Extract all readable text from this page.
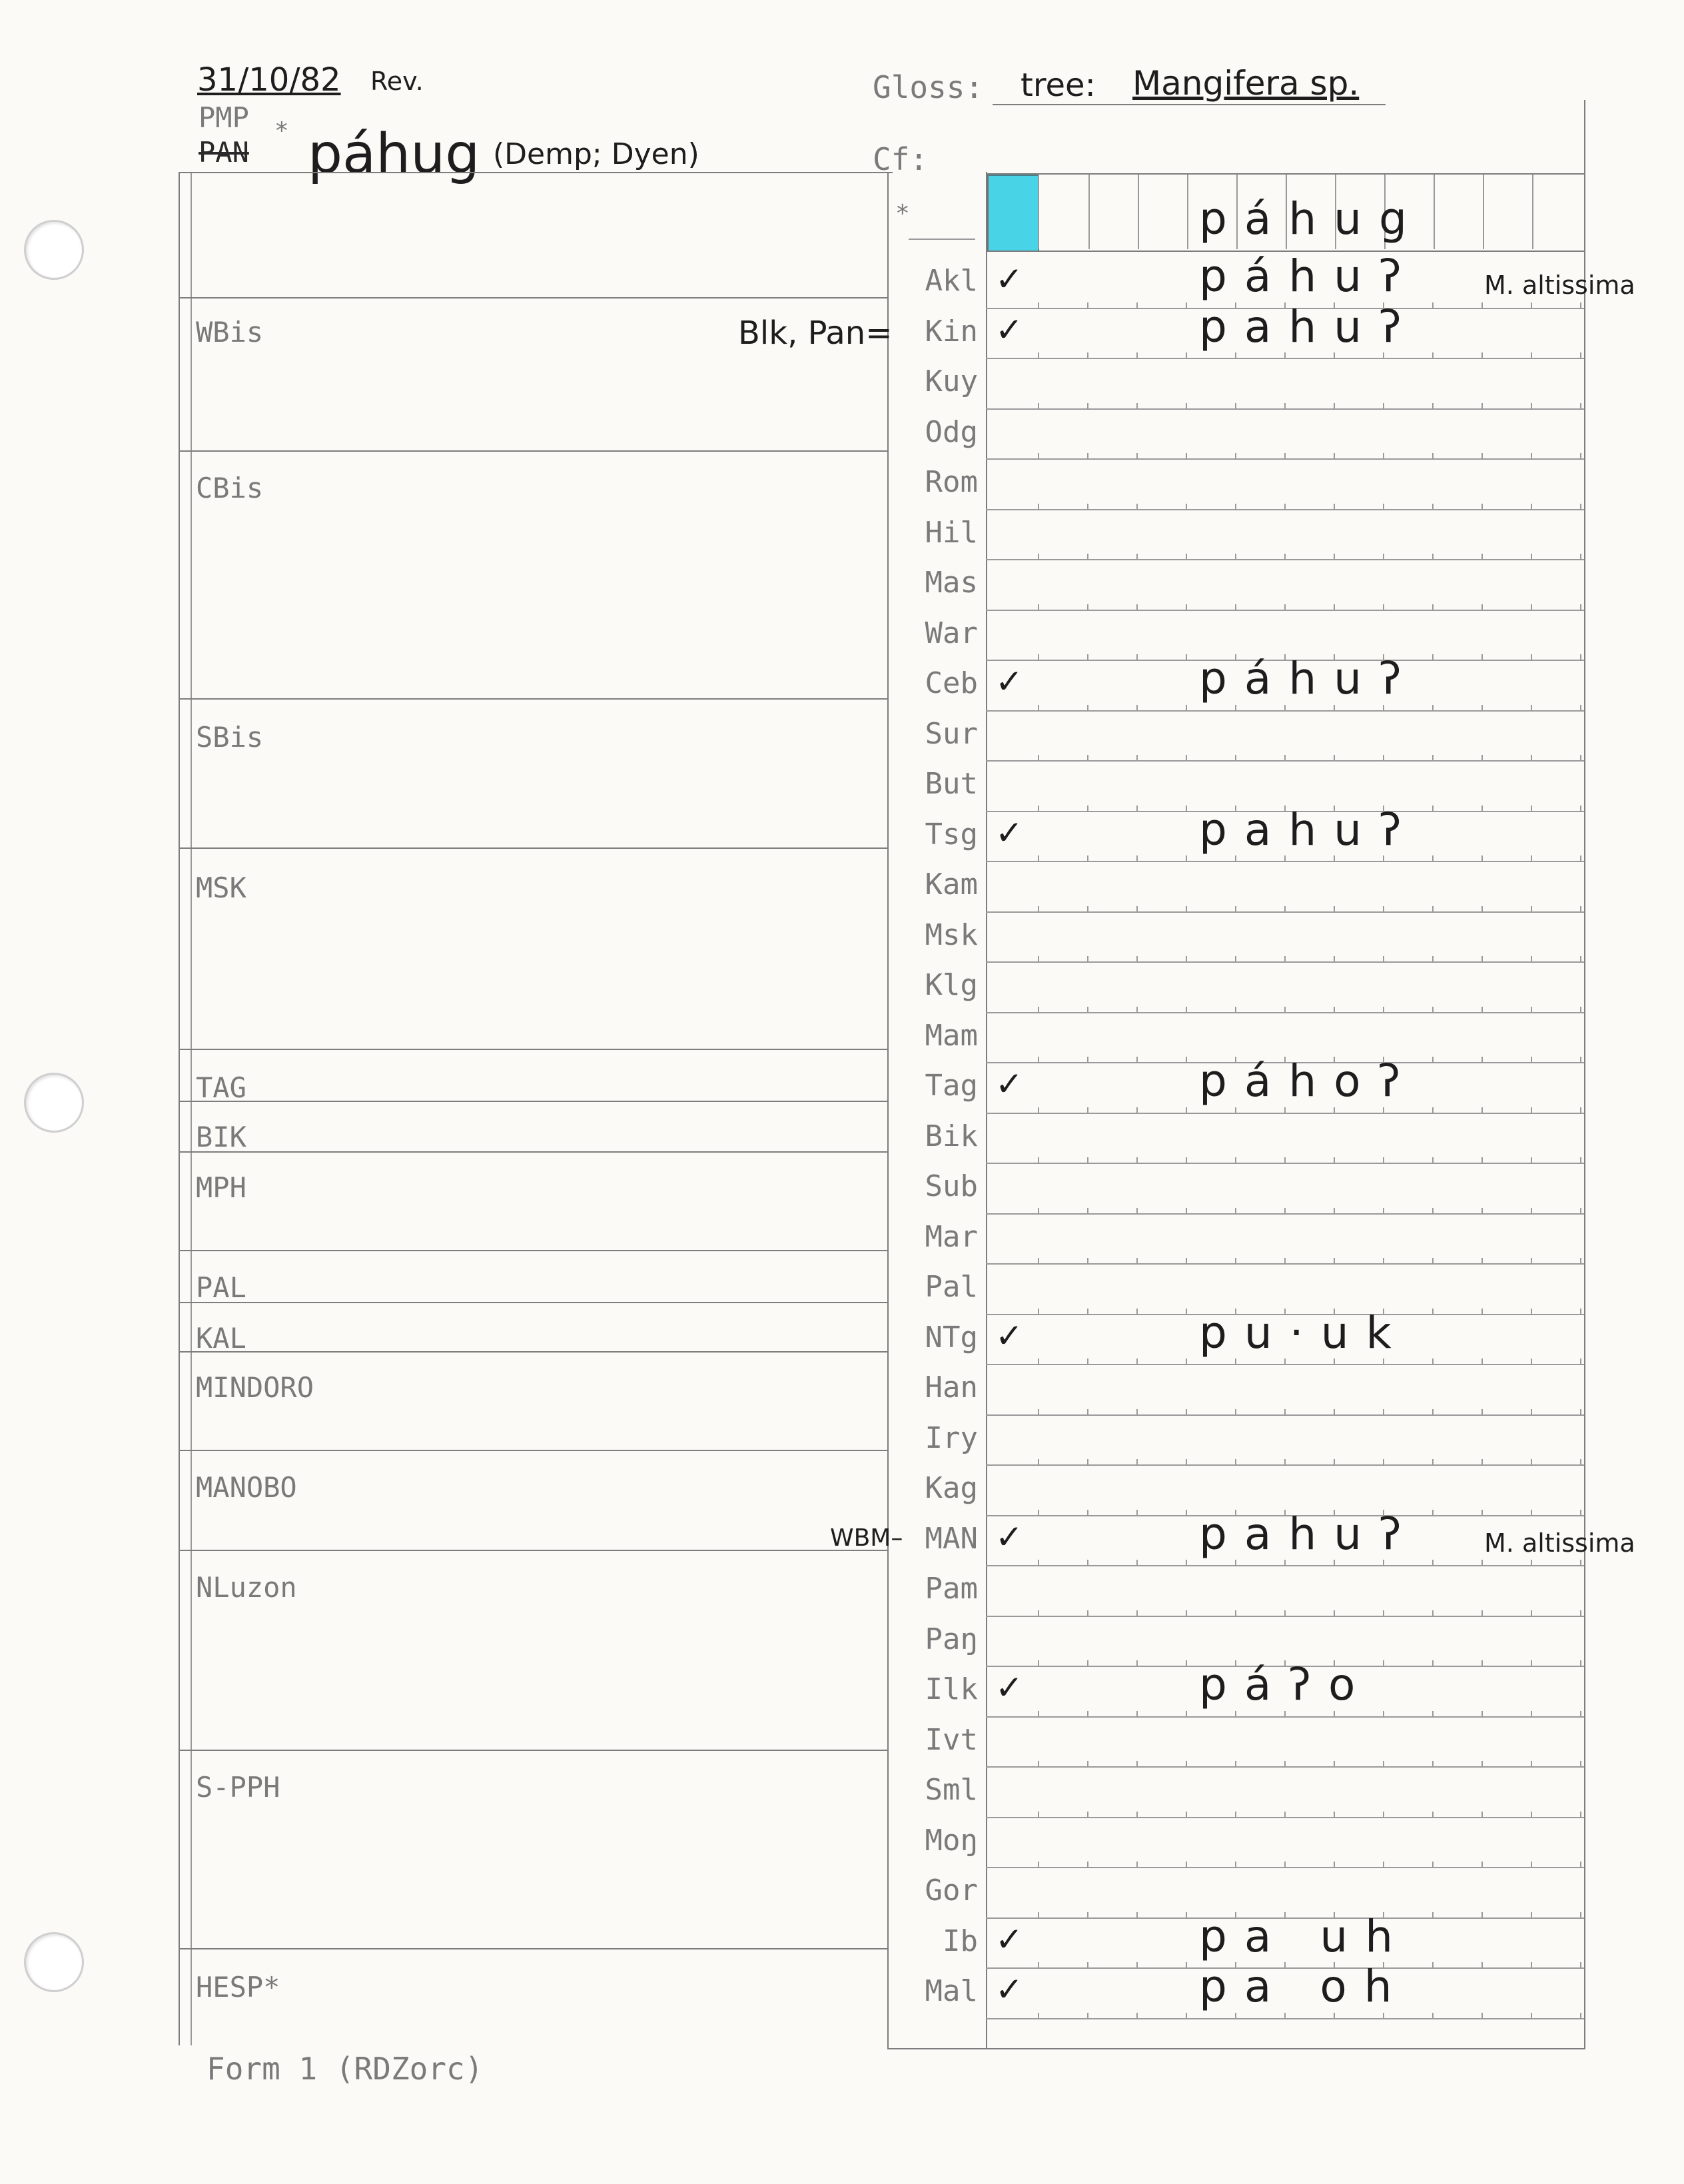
31/10/82 Rev.
PMP
PAN
* páhug (Demp; Dyen)
Gloss: tree: Mangifera sp.
Cf:
WBis
CBis
SBis
MSK
TAG
BIK
MPH
PAL
KAL
MINDORO
MANOBO
NLuzon
S-PPH
HESP*
Blk, Pan=
WBM–
*	páhug
Akl ✓	páhuʔ	M. altissima
Kin ✓	pahuʔ
Kuy
Odg
Rom
Hil
Mas
War
Ceb ✓	páhuʔ
Sur
But
Tsg ✓	pahuʔ
Kam
Msk
Klg
Mam
Tag ✓	páhoʔ
Bik
Sub
Mar
Pal
NTg ✓	pu·uk
Han
Iry
Kag
MAN ✓	pahuʔ	M. altissima
Pam
Paŋ
Ilk ✓	páʔo
Ivt
Sml
Moŋ
Gor
Ib ✓	pa uh
Mal ✓	pa oh
Form 1 (RDZorc)
